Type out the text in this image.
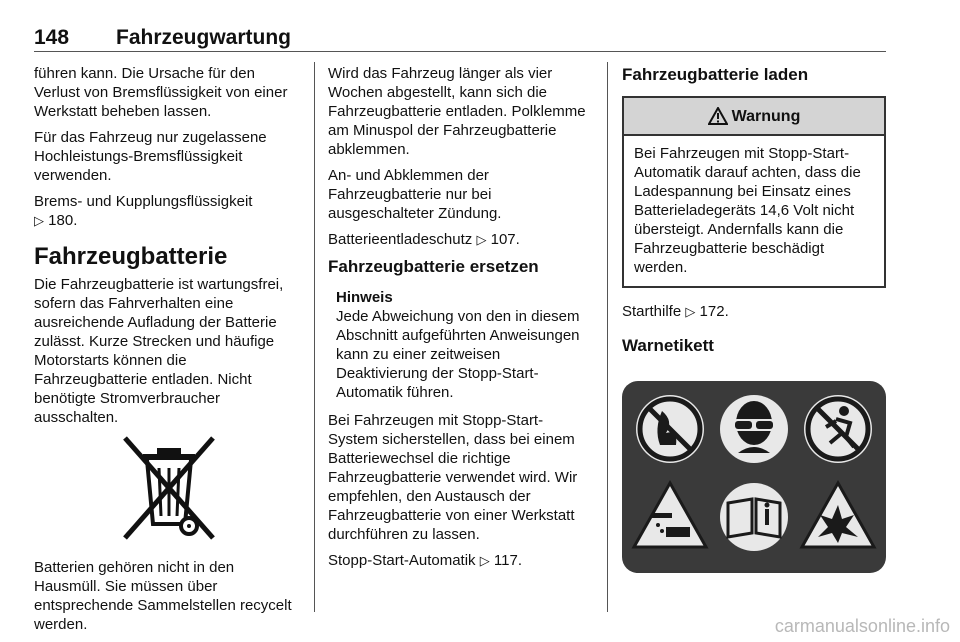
148 Fahrzeugwartung

führen kann. Die Ursache für den Verlust von Bremsflüssigkeit von einer Werkstatt beheben lassen.

Für das Fahrzeug nur zugelassene Hochleistungs-Bremsflüssigkeit verwenden.

Brems- und Kupplungsflüssigkeit
▷ 180.

Fahrzeugbatterie

Die Fahrzeugbatterie ist wartungsfrei, sofern das Fahrverhalten eine ausreichende Aufladung der Batterie zulässt. Kurze Strecken und häufige Motorstarts können die Fahrzeugbatterie entladen. Nicht benötigte Stromverbraucher ausschalten.

Batterien gehören nicht in den Hausmüll. Sie müssen über entsprechende Sammelstellen recycelt werden.

Wird das Fahrzeug länger als vier Wochen abgestellt, kann sich die Fahrzeugbatterie entladen. Polklemme am Minuspol der Fahrzeugbatterie abklemmen.

An- und Abklemmen der Fahrzeugbatterie nur bei ausgeschalteter Zündung.

Batterieentladeschutz ▷ 107.

Fahrzeugbatterie ersetzen
Hinweis
Jede Abweichung von den in diesem Abschnitt aufgeführten Anweisungen kann zu einer zeitweisen Deaktivierung der Stopp-Start-Automatik führen.

Bei Fahrzeugen mit Stopp-Start-System sicherstellen, dass bei einem Batteriewechsel die richtige Fahrzeugbatterie verwendet wird. Wir empfehlen, den Austausch der Fahrzeugbatterie von einer Werkstatt durchführen zu lassen.

Stopp-Start-Automatik ▷ 117.

Fahrzeugbatterie laden
Warnung
Bei Fahrzeugen mit Stopp-Start-Automatik darauf achten, dass die Ladespannung bei Einsatz eines Batterieladegeräts 14,6 Volt nicht übersteigt. Andernfalls kann die Fahrzeugbatterie beschädigt werden.

Starthilfe ▷ 172.

Warnetikett
carmanualsonline.info
